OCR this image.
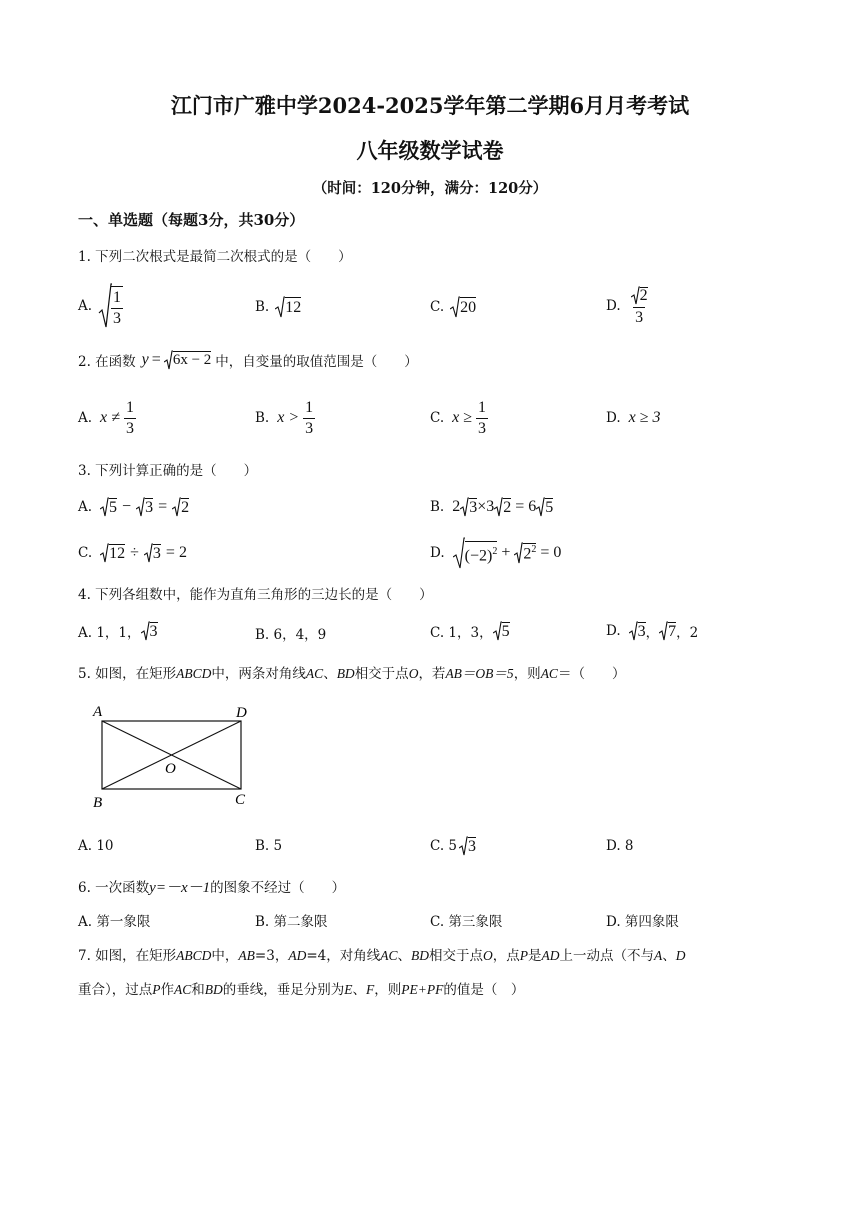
江门市广雅中学2024-2025学年第二学期6月月考考试
八年级数学试卷
（时间：120分钟，满分：120分）
一、单选题（每题3分，共30分）
1. 下列二次根式是最简二次根式的是（　　）
A. $\frac{1}{3}$	B. 12	C. 20	D. $\frac{2}{3}$
2. 在函数 y = 6x − 2 中，自变量的取值范围是（　　）
A. $x \ne \frac{1}{3}$	B. $x > \frac{1}{3}$	C. $x \ge \frac{1}{3}$	D. x ≥ 3
3. 下列计算正确的是（　　）
A. 5 − 3 = 2	B. 2 3 ×3 2 = 6 5
C. 12 ÷ 3 = 2	D. $(-2)^2 + 2^2 = 0$
4. 下列各组数中，能作为直角三角形的三边长的是（　　）
A. 1，1， 3	B. 6，4，9	C. 1，3， 5	D. 3 ， 7 ，2
5. 如图，在矩形ABCD中，两条对角线AC、BD相交于点O，若AB＝OB＝5，则AC＝（　　）
A	D
B	C
O
A. 10	B. 5	C. 5 3	D. 8
6. 一次函数y=－x－1的图象不经过（　　）
A. 第一象限	B. 第二象限	C. 第三象限	D. 第四象限
7. 如图，在矩形ABCD中，AB=3，AD=4，对角线AC、BD相交于点O，点P是AD上一动点（不与A、D
重合），过点P作AC和BD的垂线，垂足分别为E、F，则PE+PF的值是（　）
